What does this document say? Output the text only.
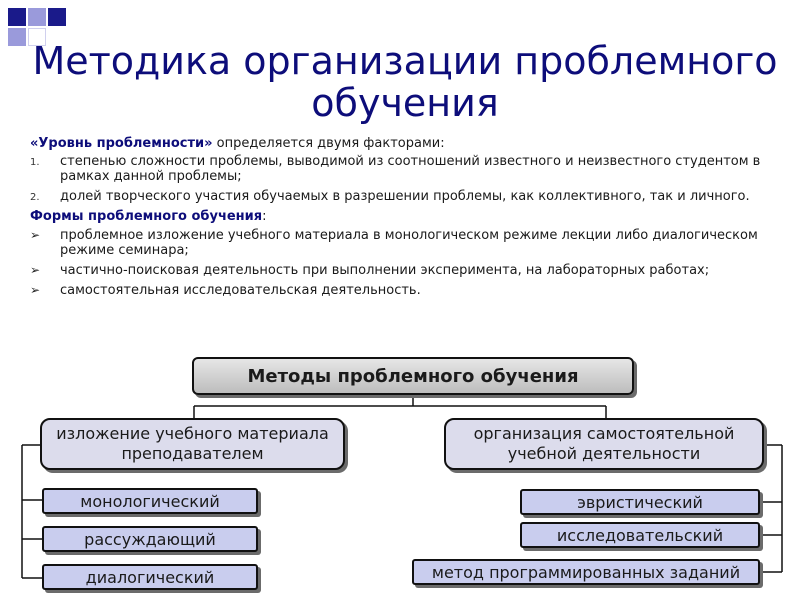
Методика организации проблемного обучения
«Уровнь проблемности» определяется двумя факторами:
1. степенью сложности проблемы, выводимой из соотношений известного и неизвестного студентом в рамках данной проблемы;
2. долей творческого участия обучаемых в разрешении проблемы, как коллективного, так и личного.
Формы проблемного обучения:
➢ проблемное изложение учебного материала в монологическом режиме лекции либо диалогическом режиме семинара;
➢ частично-поисковая деятельность при выполнении эксперимента, на лабораторных работах;
➢ самостоятельная исследовательская деятельность.
Методы проблемного обучения
изложение учебного материала преподавателем
организация самостоятельной учебной деятельности
монологический
рассуждающий
диалогический
эвристический
исследовательский
метод программированных заданий
